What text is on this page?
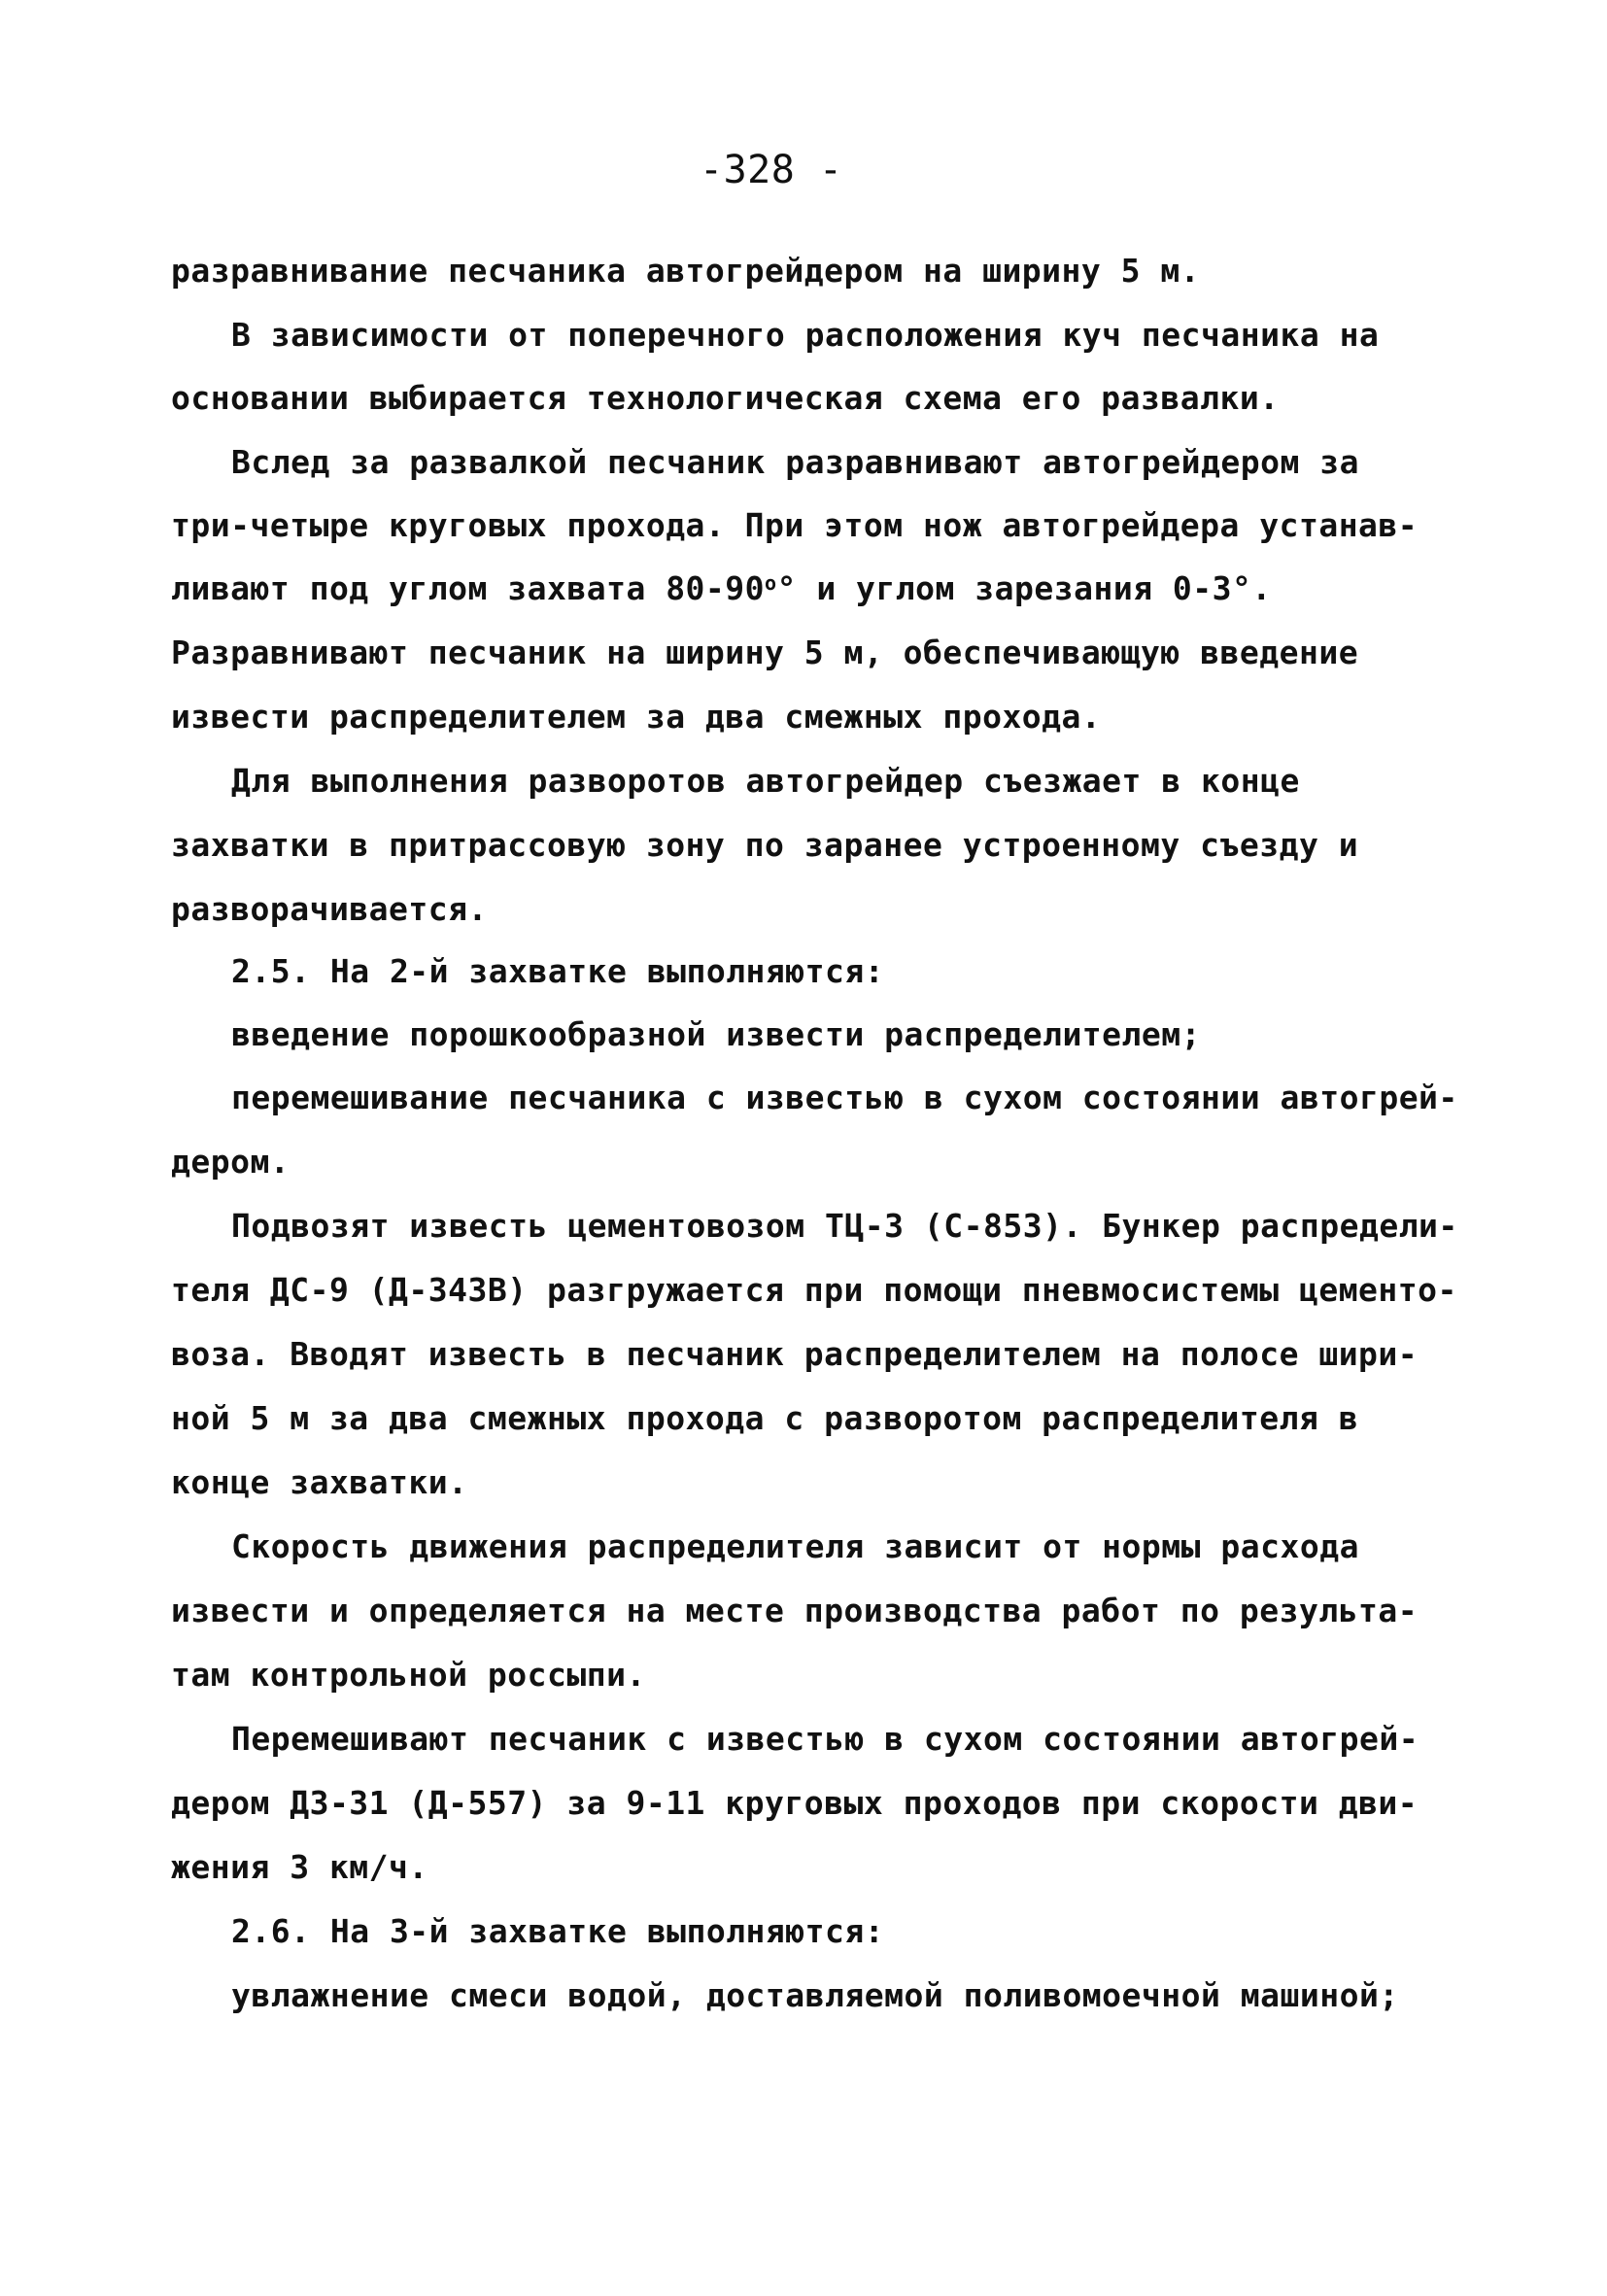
-328 -
разравнивание песчаника автогрейдером на ширину 5 м.
В зависимости от поперечного расположения куч песчаника на
основании выбирается технологическая схема его развалки.
Вслед за развалкой песчаник разравнивают автогрейдером за
три-четыре круговых прохода. При этом нож автогрейдера устанав-
ливают под углом захвата 80-90$^o$° и углом зарезания 0-3°.
Разравнивают песчаник на ширину 5 м, обеспечивающую введение
извести распределителем за два смежных прохода.
Для выполнения разворотов автогрейдер съезжает в конце
захватки в притрассовую зону по заранее устроенному съезду и
разворачивается.
2.5. На 2-й захватке выполняются:
введение порошкообразной извести распределителем;
перемешивание песчаника с известью в сухом состоянии автогрей-
дером.
Подвозят известь цементовозом ТЦ-3 (С-853). Бункер распредели-
теля ДС-9 (Д-343В) разгружается при помощи пневмосистемы цементо-
воза. Вводят известь в песчаник распределителем на полосе шири-
ной 5 м за два смежных прохода с разворотом распределителя в
конце захватки.
Скорость движения распределителя зависит от нормы расхода
извести и определяется на месте производства работ по результа-
там контрольной россыпи.
Перемешивают песчаник с известью в сухом состоянии автогрей-
дером ДЗ-31 (Д-557) за 9-11 круговых проходов при скорости дви-
жения 3 км/ч.
2.6. На 3-й захватке выполняются:
увлажнение смеси водой, доставляемой поливомоечной машиной;
